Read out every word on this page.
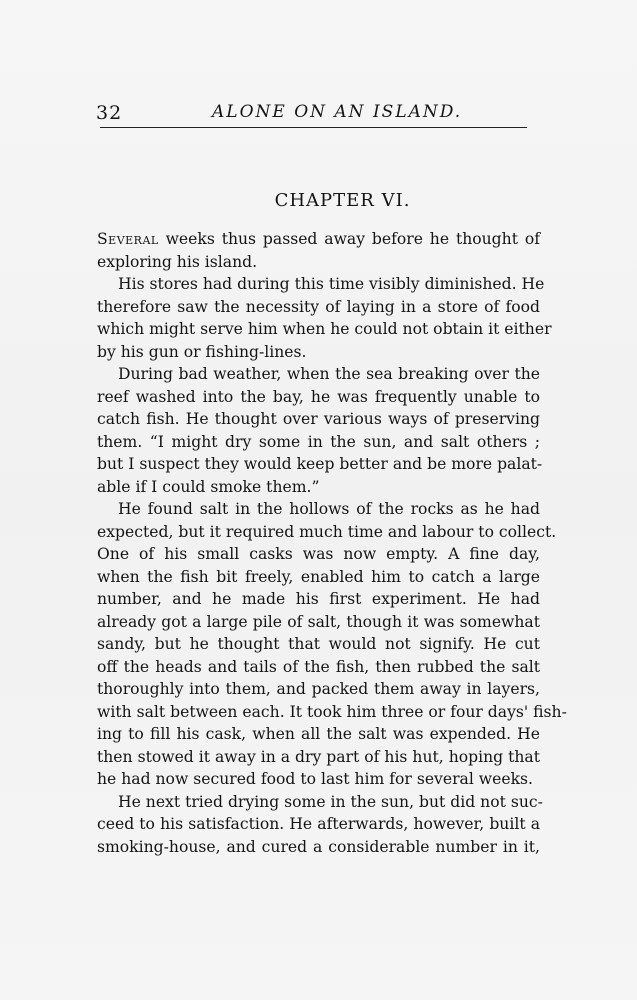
32	ALONE ON AN ISLAND.
CHAPTER VI.
Several weeks thus passed away before he thought of
exploring his island.
His stores had during this time visibly diminished. He
therefore saw the necessity of laying in a store of food
which might serve him when he could not obtain it either
by his gun or fishing-lines.
During bad weather, when the sea breaking over the
reef washed into the bay, he was frequently unable to
catch fish. He thought over various ways of preserving
them. “I might dry some in the sun, and salt others ;
but I suspect they would keep better and be more palat-
able if I could smoke them.”
He found salt in the hollows of the rocks as he had
expected, but it required much time and labour to collect.
One of his small casks was now empty. A fine day,
when the fish bit freely, enabled him to catch a large
number, and he made his first experiment. He had
already got a large pile of salt, though it was somewhat
sandy, but he thought that would not signify. He cut
off the heads and tails of the fish, then rubbed the salt
thoroughly into them, and packed them away in layers,
with salt between each. It took him three or four days' fish-
ing to fill his cask, when all the salt was expended. He
then stowed it away in a dry part of his hut, hoping that
he had now secured food to last him for several weeks.
He next tried drying some in the sun, but did not suc-
ceed to his satisfaction. He afterwards, however, built a
smoking-house, and cured a considerable number in it,
